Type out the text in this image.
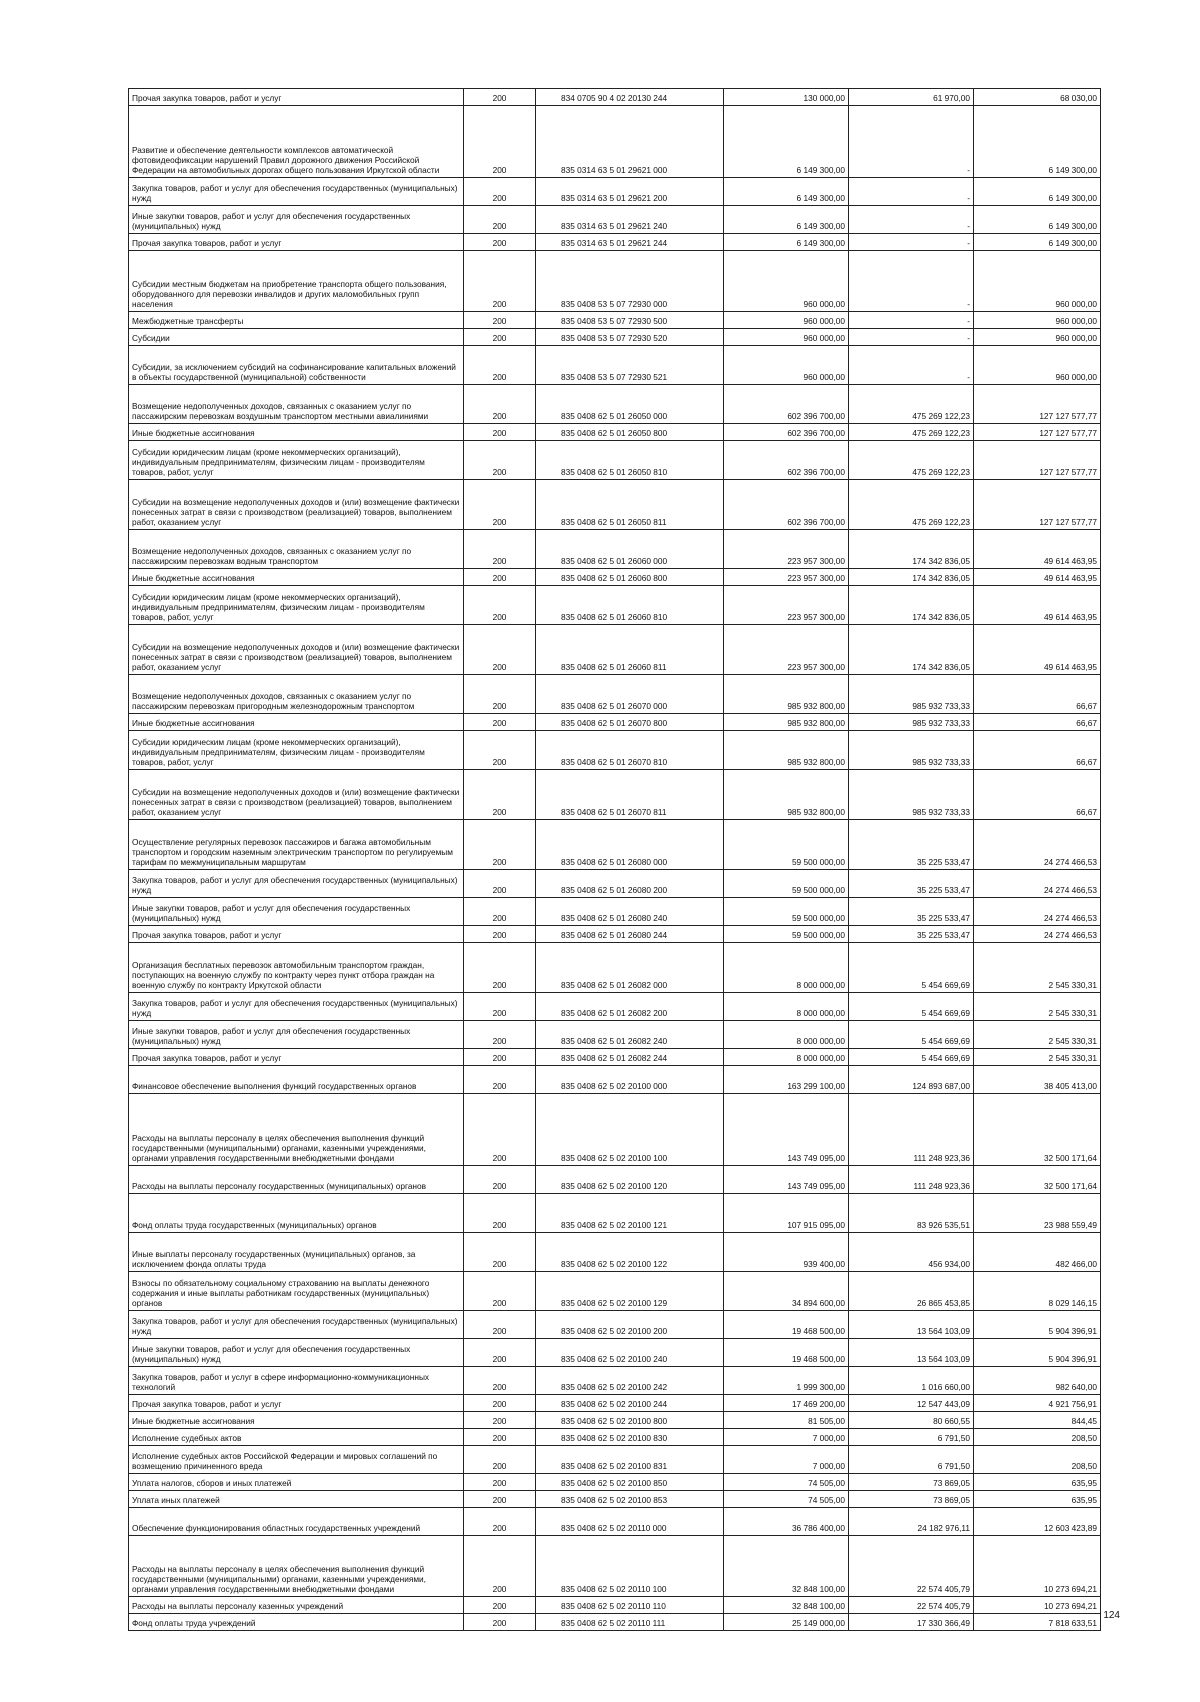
Прочая закупка товаров, работ и услуг	200	834 0705 90 4 02 20130 244	130 000,00	61 970,00	68 030,00
Развитие и обеспечение деятельности комплексов автоматической фотовидеофиксации нарушений Правил дорожного движения Российской Федерации на автомобильных дорогах общего пользования Иркутской области	200	835 0314 63 5 01 29621 000	6 149 300,00	-	6 149 300,00
Закупка товаров, работ и услуг для обеспечения государственных (муниципальных) нужд	200	835 0314 63 5 01 29621 200	6 149 300,00	-	6 149 300,00
Иные закупки товаров, работ и услуг для обеспечения государственных (муниципальных) нужд	200	835 0314 63 5 01 29621 240	6 149 300,00	-	6 149 300,00
Прочая закупка товаров, работ и услуг	200	835 0314 63 5 01 29621 244	6 149 300,00	-	6 149 300,00
Субсидии местным бюджетам на приобретение транспорта общего пользования, оборудованного для перевозки инвалидов и других маломобильных групп населения	200	835 0408 53 5 07 72930 000	960 000,00	-	960 000,00
Межбюджетные трансферты	200	835 0408 53 5 07 72930 500	960 000,00	-	960 000,00
Субсидии	200	835 0408 53 5 07 72930 520	960 000,00	-	960 000,00
Субсидии, за исключением субсидий на софинансирование капитальных вложений в объекты государственной (муниципальной) собственности	200	835 0408 53 5 07 72930 521	960 000,00	-	960 000,00
Возмещение недополученных доходов, связанных с оказанием услуг по пассажирским перевозкам воздушным транспортом местными авиалиниями	200	835 0408 62 5 01 26050 000	602 396 700,00	475 269 122,23	127 127 577,77
Иные бюджетные ассигнования	200	835 0408 62 5 01 26050 800	602 396 700,00	475 269 122,23	127 127 577,77
Субсидии юридическим лицам (кроме некоммерческих организаций), индивидуальным предпринимателям, физическим лицам - производителям товаров, работ, услуг	200	835 0408 62 5 01 26050 810	602 396 700,00	475 269 122,23	127 127 577,77
Субсидии на возмещение недополученных доходов и (или) возмещение фактически понесенных затрат в связи с производством (реализацией) товаров, выполнением работ, оказанием услуг	200	835 0408 62 5 01 26050 811	602 396 700,00	475 269 122,23	127 127 577,77
Возмещение недополученных доходов, связанных с оказанием услуг по пассажирским перевозкам водным транспортом	200	835 0408 62 5 01 26060 000	223 957 300,00	174 342 836,05	49 614 463,95
Иные бюджетные ассигнования	200	835 0408 62 5 01 26060 800	223 957 300,00	174 342 836,05	49 614 463,95
Субсидии юридическим лицам (кроме некоммерческих организаций), индивидуальным предпринимателям, физическим лицам - производителям товаров, работ, услуг	200	835 0408 62 5 01 26060 810	223 957 300,00	174 342 836,05	49 614 463,95
Субсидии на возмещение недополученных доходов и (или) возмещение фактически понесенных затрат в связи с производством (реализацией) товаров, выполнением работ, оказанием услуг	200	835 0408 62 5 01 26060 811	223 957 300,00	174 342 836,05	49 614 463,95
Возмещение недополученных доходов, связанных с оказанием услуг по пассажирским перевозкам пригородным железнодорожным транспортом	200	835 0408 62 5 01 26070 000	985 932 800,00	985 932 733,33	66,67
Иные бюджетные ассигнования	200	835 0408 62 5 01 26070 800	985 932 800,00	985 932 733,33	66,67
Субсидии юридическим лицам (кроме некоммерческих организаций), индивидуальным предпринимателям, физическим лицам - производителям товаров, работ, услуг	200	835 0408 62 5 01 26070 810	985 932 800,00	985 932 733,33	66,67
Субсидии на возмещение недополученных доходов и (или) возмещение фактически понесенных затрат в связи с производством (реализацией) товаров, выполнением работ, оказанием услуг	200	835 0408 62 5 01 26070 811	985 932 800,00	985 932 733,33	66,67
Осуществление регулярных перевозок пассажиров и багажа автомобильным транспортом и городским наземным электрическим транспортом по регулируемым тарифам по межмуниципальным маршрутам	200	835 0408 62 5 01 26080 000	59 500 000,00	35 225 533,47	24 274 466,53
Закупка товаров, работ и услуг для обеспечения государственных (муниципальных) нужд	200	835 0408 62 5 01 26080 200	59 500 000,00	35 225 533,47	24 274 466,53
Иные закупки товаров, работ и услуг для обеспечения государственных (муниципальных) нужд	200	835 0408 62 5 01 26080 240	59 500 000,00	35 225 533,47	24 274 466,53
Прочая закупка товаров, работ и услуг	200	835 0408 62 5 01 26080 244	59 500 000,00	35 225 533,47	24 274 466,53
Организация бесплатных перевозок автомобильным транспортом граждан, поступающих на военную службу по контракту через пункт отбора граждан на военную службу по контракту Иркутской области	200	835 0408 62 5 01 26082 000	8 000 000,00	5 454 669,69	2 545 330,31
Закупка товаров, работ и услуг для обеспечения государственных (муниципальных) нужд	200	835 0408 62 5 01 26082 200	8 000 000,00	5 454 669,69	2 545 330,31
Иные закупки товаров, работ и услуг для обеспечения государственных (муниципальных) нужд	200	835 0408 62 5 01 26082 240	8 000 000,00	5 454 669,69	2 545 330,31
Прочая закупка товаров, работ и услуг	200	835 0408 62 5 01 26082 244	8 000 000,00	5 454 669,69	2 545 330,31
Финансовое обеспечение выполнения функций государственных органов	200	835 0408 62 5 02 20100 000	163 299 100,00	124 893 687,00	38 405 413,00
Расходы на выплаты персоналу в целях обеспечения выполнения функций государственными (муниципальными) органами, казенными учреждениями, органами управления государственными внебюджетными фондами	200	835 0408 62 5 02 20100 100	143 749 095,00	111 248 923,36	32 500 171,64
Расходы на выплаты персоналу государственных (муниципальных) органов	200	835 0408 62 5 02 20100 120	143 749 095,00	111 248 923,36	32 500 171,64
Фонд оплаты труда государственных (муниципальных) органов	200	835 0408 62 5 02 20100 121	107 915 095,00	83 926 535,51	23 988 559,49
Иные выплаты персоналу государственных (муниципальных) органов, за исключением фонда оплаты труда	200	835 0408 62 5 02 20100 122	939 400,00	456 934,00	482 466,00
Взносы по обязательному социальному страхованию на выплаты денежного содержания и иные выплаты работникам государственных (муниципальных) органов	200	835 0408 62 5 02 20100 129	34 894 600,00	26 865 453,85	8 029 146,15
Закупка товаров, работ и услуг для обеспечения государственных (муниципальных) нужд	200	835 0408 62 5 02 20100 200	19 468 500,00	13 564 103,09	5 904 396,91
Иные закупки товаров, работ и услуг для обеспечения государственных (муниципальных) нужд	200	835 0408 62 5 02 20100 240	19 468 500,00	13 564 103,09	5 904 396,91
Закупка товаров, работ и услуг в сфере информационно-коммуникационных технологий	200	835 0408 62 5 02 20100 242	1 999 300,00	1 016 660,00	982 640,00
Прочая закупка товаров, работ и услуг	200	835 0408 62 5 02 20100 244	17 469 200,00	12 547 443,09	4 921 756,91
Иные бюджетные ассигнования	200	835 0408 62 5 02 20100 800	81 505,00	80 660,55	844,45
Исполнение судебных актов	200	835 0408 62 5 02 20100 830	7 000,00	6 791,50	208,50
Исполнение судебных актов Российской Федерации и мировых соглашений по возмещению причиненного вреда	200	835 0408 62 5 02 20100 831	7 000,00	6 791,50	208,50
Уплата налогов, сборов и иных платежей	200	835 0408 62 5 02 20100 850	74 505,00	73 869,05	635,95
Уплата иных платежей	200	835 0408 62 5 02 20100 853	74 505,00	73 869,05	635,95
Обеспечение функционирования областных государственных учреждений	200	835 0408 62 5 02 20110 000	36 786 400,00	24 182 976,11	12 603 423,89
Расходы на выплаты персоналу в целях обеспечения выполнения функций государственными (муниципальными) органами, казенными учреждениями, органами управления государственными внебюджетными фондами	200	835 0408 62 5 02 20110 100	32 848 100,00	22 574 405,79	10 273 694,21
Расходы на выплаты персоналу казенных учреждений	200	835 0408 62 5 02 20110 110	32 848 100,00	22 574 405,79	10 273 694,21
Фонд оплаты труда учреждений	200	835 0408 62 5 02 20110 111	25 149 000,00	17 330 366,49	7 818 633,51
124
